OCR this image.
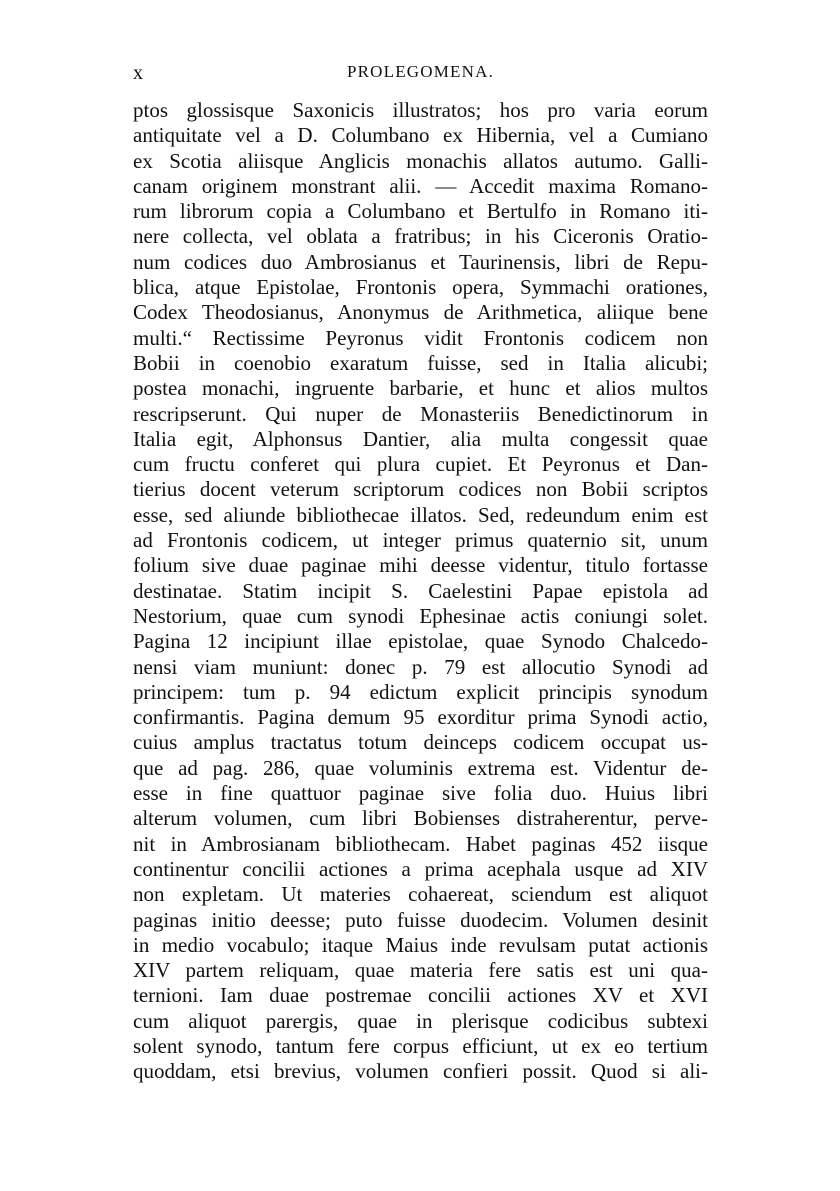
x	PROLEGOMENA.
ptos glossisque Saxonicis illustratos; hos pro varia eorum
antiquitate vel a D. Columbano ex Hibernia, vel a Cumiano
ex Scotia aliisque Anglicis monachis allatos autumo. Galli-
canam originem monstrant alii. — Accedit maxima Romano-
rum librorum copia a Columbano et Bertulfo in Romano iti-
nere collecta, vel oblata a fratribus; in his Ciceronis Oratio-
num codices duo Ambrosianus et Taurinensis, libri de Repu-
blica, atque Epistolae, Frontonis opera, Symmachi orationes,
Codex Theodosianus, Anonymus de Arithmetica, aliique bene
multi.“ Rectissime Peyronus vidit Frontonis codicem non
Bobii in coenobio exaratum fuisse, sed in Italia alicubi;
postea monachi, ingruente barbarie, et hunc et alios multos
rescripserunt. Qui nuper de Monasteriis Benedictinorum in
Italia egit, Alphonsus Dantier, alia multa congessit quae
cum fructu conferet qui plura cupiet. Et Peyronus et Dan-
tierius docent veterum scriptorum codices non Bobii scriptos
esse, sed aliunde bibliothecae illatos. Sed, redeundum enim est
ad Frontonis codicem, ut integer primus quaternio sit, unum
folium sive duae paginae mihi deesse videntur, titulo fortasse
destinatae. Statim incipit S. Caelestini Papae epistola ad
Nestorium, quae cum synodi Ephesinae actis coniungi solet.
Pagina 12 incipiunt illae epistolae, quae Synodo Chalcedo-
nensi viam muniunt: donec p. 79 est allocutio Synodi ad
principem: tum p. 94 edictum explicit principis synodum
confirmantis. Pagina demum 95 exorditur prima Synodi actio,
cuius amplus tractatus totum deinceps codicem occupat us-
que ad pag. 286, quae voluminis extrema est. Videntur de-
esse in fine quattuor paginae sive folia duo. Huius libri
alterum volumen, cum libri Bobienses distraherentur, perve-
nit in Ambrosianam bibliothecam. Habet paginas 452 iisque
continentur concilii actiones a prima acephala usque ad XIV
non expletam. Ut materies cohaereat, sciendum est aliquot
paginas initio deesse; puto fuisse duodecim. Volumen desinit
in medio vocabulo; itaque Maius inde revulsam putat actionis
XIV partem reliquam, quae materia fere satis est uni qua-
ternioni. Iam duae postremae concilii actiones XV et XVI
cum aliquot parergis, quae in plerisque codicibus subtexi
solent synodo, tantum fere corpus efficiunt, ut ex eo tertium
quoddam, etsi brevius, volumen confieri possit. Quod si ali-
